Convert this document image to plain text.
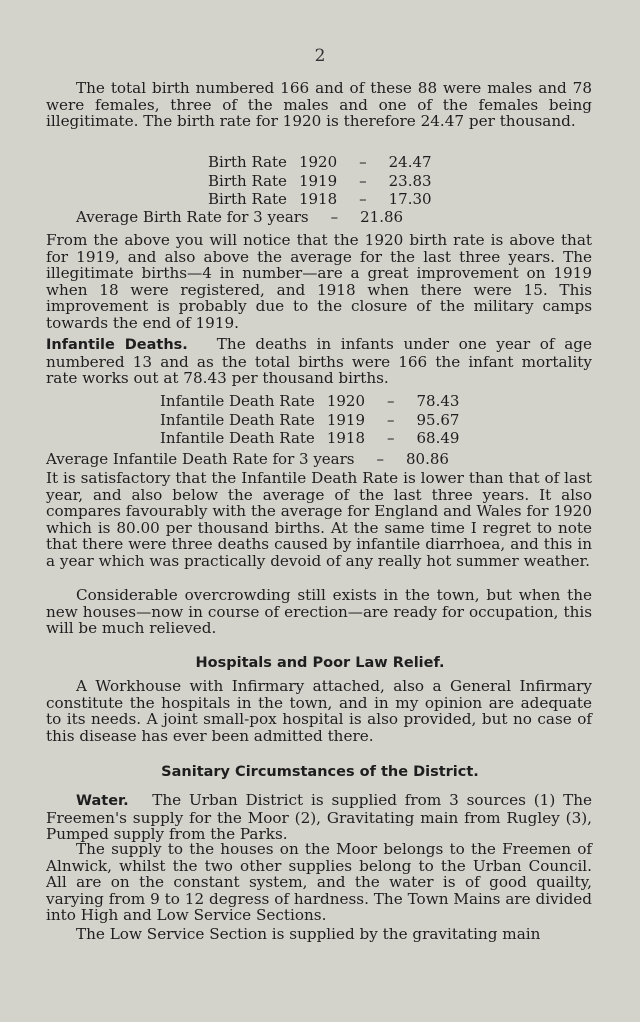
2

The total birth numbered 166 and of these 88 were males and 78 were females, three of the males and one of the females being illegitimate. The birth rate for 1920 is therefore 24.47 per thousand.

Birth Rate	1920	–	24.47
Birth Rate	1919	–	23.83
Birth Rate	1918	–	17.30
Average Birth Rate for 3 years	–	21.86

From the above you will notice that the 1920 birth rate is above that for 1919, and also above the average for the last three years. The illegitimate births—4 in number—are a great improvement on 1919 when 18 were registered, and 1918 when there were 15. This improvement is probably due to the closure of the military camps towards the end of 1919.

Infantile Deaths. The deaths in infants under one year of age numbered 13 and as the total births were 166 the infant mortality rate works out at 78.43 per thousand births.

Infantile Death Rate	1920	–	78.43
Infantile Death Rate	1919	–	95.67
Infantile Death Rate	1918	–	68.49
Average Infantile Death Rate for 3 years	–	80.86

It is satisfactory that the Infantile Death Rate is lower than that of last year, and also below the average of the last three years. It also compares favourably with the average for England and Wales for 1920 which is 80.00 per thousand births. At the same time I regret to note that there were three deaths caused by infantile diarrhoea, and this in a year which was practically devoid of any really hot summer weather.

Considerable overcrowding still exists in the town, but when the new houses—now in course of erection—are ready for occupation, this will be much relieved.

Hospitals and Poor Law Relief.

A Workhouse with Infirmary attached, also a General Infirmary constitute the hospitals in the town, and in my opinion are adequate to its needs. A joint small-pox hospital is also provided, but no case of this disease has ever been admitted there.

Sanitary Circumstances of the District.

Water. The Urban District is supplied from 3 sources (1) The Freemen's supply for the Moor (2), Gravitating main from Rugley (3), Pumped supply from the Parks.

The supply to the houses on the Moor belongs to the Freemen of Alnwick, whilst the two other supplies belong to the Urban Council. All are on the constant system, and the water is of good quailty, varying from 9 to 12 degress of hardness. The Town Mains are divided into High and Low Service Sections.

The Low Service Section is supplied by the gravitating main
